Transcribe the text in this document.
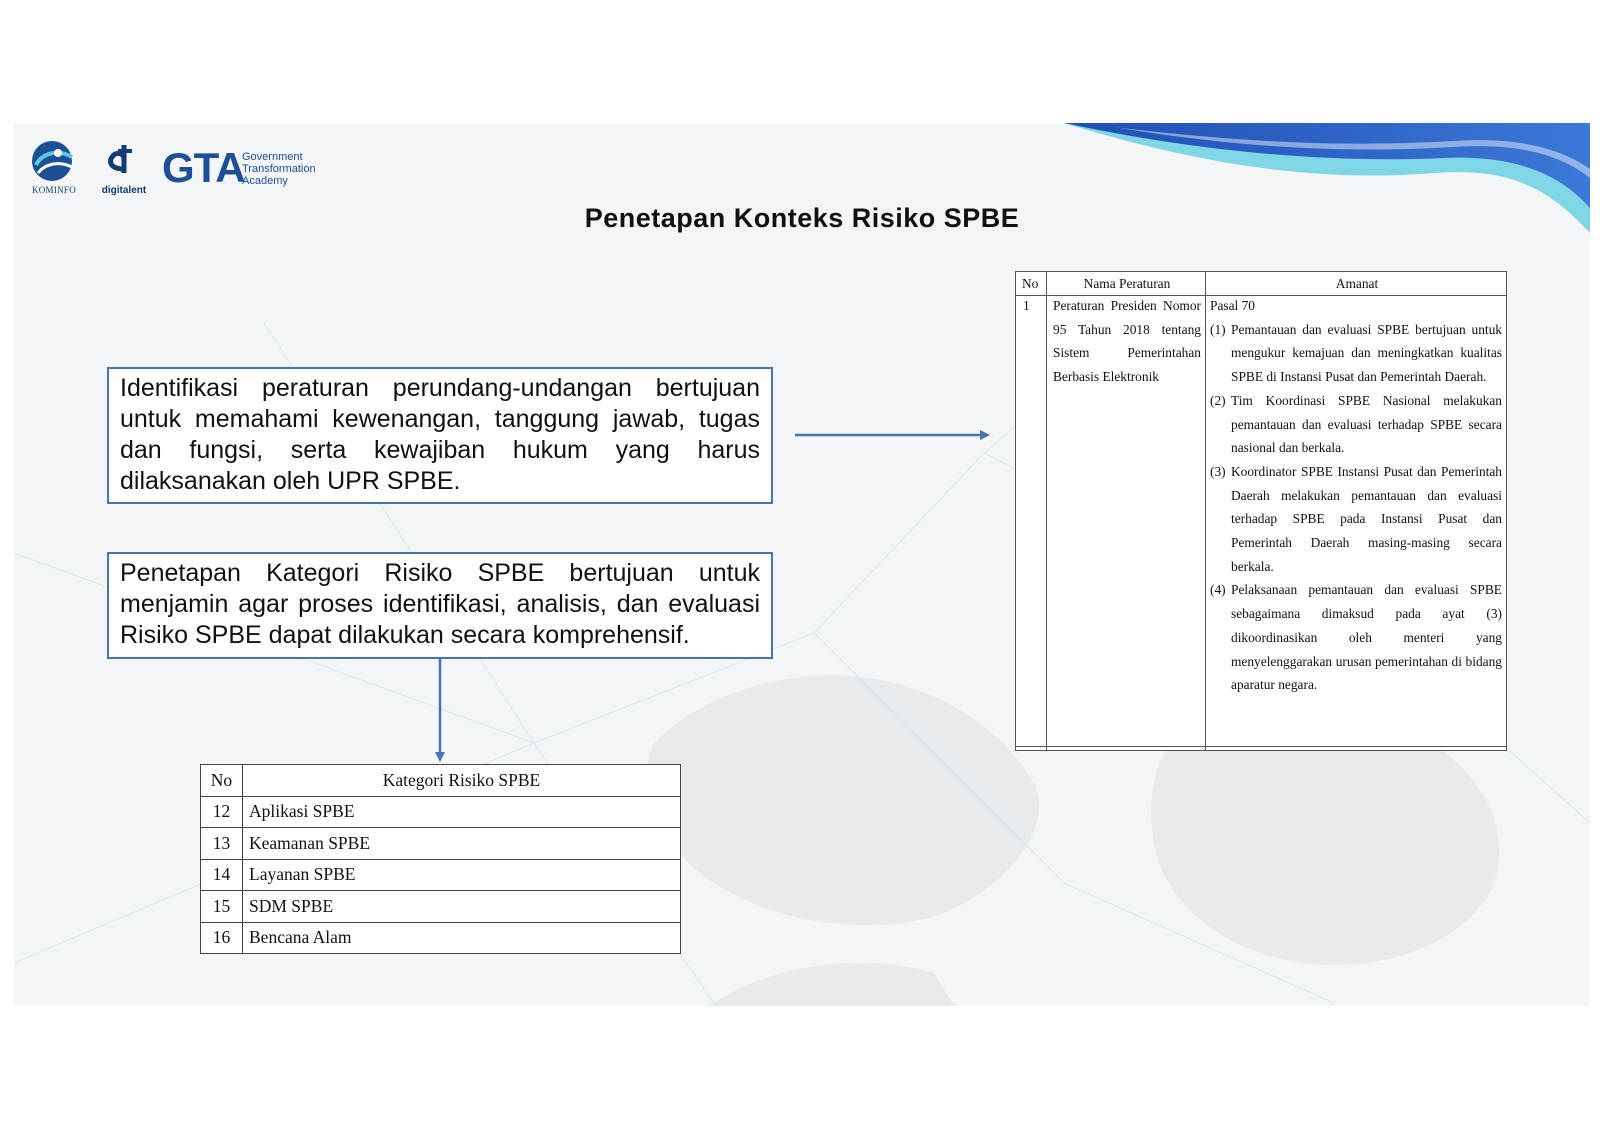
KOMINFO	digitalent GTA
Government
Transformation
Academy
Penetapan Konteks Risiko SPBE
Identifikasi peraturan perundang-undangan bertujuan untuk memahami kewenangan, tanggung jawab, tugas dan fungsi, serta kewajiban hukum yang harus dilaksanakan oleh UPR SPBE.
Penetapan Kategori Risiko SPBE bertujuan untuk menjamin agar proses identifikasi, analisis, dan evaluasi Risiko SPBE dapat dilakukan secara komprehensif.
No	Nama Peraturan	Amanat
1 Peraturan Presiden Nomor 95 Tahun 2018 tentang Sistem Pemerintahan Berbasis Elektronik
Pasal 70
(1) Pemantauan dan evaluasi SPBE bertujuan untuk mengukur kemajuan dan meningkatkan kualitas SPBE di Instansi Pusat dan Pemerintah Daerah.
(2) Tim Koordinasi SPBE Nasional melakukan pemantauan dan evaluasi terhadap SPBE secara nasional dan berkala.
(3) Koordinator SPBE Instansi Pusat dan Pemerintah Daerah melakukan pemantauan dan evaluasi terhadap SPBE pada Instansi Pusat dan Pemerintah Daerah masing-masing secara berkala.
(4) Pelaksanaan pemantauan dan evaluasi SPBE sebagaimana dimaksud pada ayat (3) dikoordinasikan oleh menteri yang menyelenggarakan urusan pemerintahan di bidang aparatur negara.
No	Kategori Risiko SPBE
12	Aplikasi SPBE
13	Keamanan SPBE
14	Layanan SPBE
15	SDM SPBE
16	Bencana Alam
